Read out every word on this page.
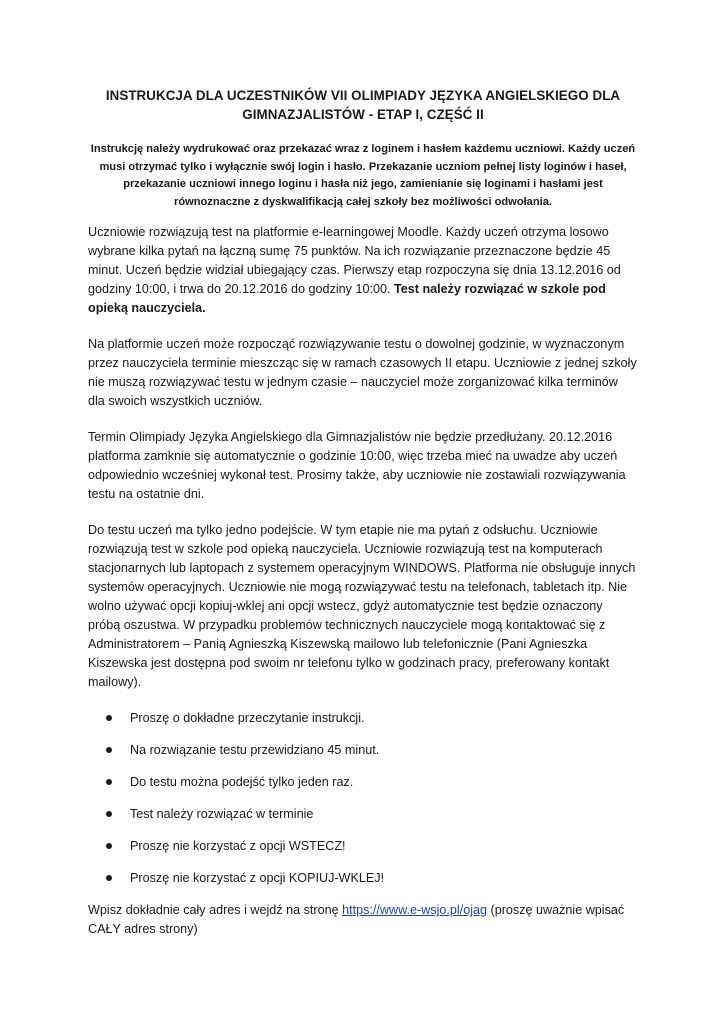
INSTRUKCJA DLA UCZESTNIKÓW VII OLIMPIADY JĘZYKA ANGIELSKIEGO DLA
GIMNAZJALISTÓW - ETAP I, CZĘŚĆ II

Instrukcję należy wydrukować oraz przekazać wraz z loginem i hasłem każdemu uczniowi. Każdy uczeń musi otrzymać tylko i wyłącznie swój login i hasło. Przekazanie uczniom pełnej listy loginów i haseł, przekazanie uczniowi innego loginu i hasła niż jego, zamienianie się loginami i hasłami jest równoznaczne z dyskwalifikacją całej szkoły bez możliwości odwołania.

Uczniowie rozwiązują test na platformie e-learningowej Moodle. Każdy uczeń otrzyma losowo wybrane kilka pytań na łączną sumę 75 punktów. Na ich rozwiązanie przeznaczone będzie 45 minut. Uczeń będzie widział ubiegający czas. Pierwszy etap rozpoczyna się dnia 13.12.2016 od godziny 10:00, i trwa do 20.12.2016 do godziny 10:00. Test należy rozwiązać w szkole pod opieką nauczyciela.

Na platformie uczeń może rozpocząć rozwiązywanie testu o dowolnej godzinie, w wyznaczonym przez nauczyciela terminie mieszcząc się w ramach czasowych II etapu. Uczniowie z jednej szkoły nie muszą rozwiązywać testu w jednym czasie – nauczyciel może zorganizować kilka terminów dla swoich wszystkich uczniów.

Termin Olimpiady Języka Angielskiego dla Gimnazjalistów nie będzie przedłużany. 20.12.2016 platforma zamknie się automatycznie o godzinie 10:00, więc trzeba mieć na uwadze aby uczeń odpowiednio wcześniej wykonał test. Prosimy także, aby uczniowie nie zostawiali rozwiązywania testu na ostatnie dni.

Do testu uczeń ma tylko jedno podejście. W tym etapie nie ma pytań z odsłuchu. Uczniowie rozwiązują test w szkole pod opieką nauczyciela. Uczniowie rozwiązują test na komputerach stacjonarnych lub laptopach z systemem operacyjnym WINDOWS. Platforma nie obsługuje innych systemów operacyjnych. Uczniowie nie mogą rozwiązywać testu na telefonach, tabletach itp. Nie wolno używać opcji kopiuj-wklej ani opcji wstecz, gdyż automatycznie test będzie oznaczony próbą oszustwa. W przypadku problemów technicznych nauczyciele mogą kontaktować się z Administratorem – Panią Agnieszką Kiszewską mailowo lub telefonicznie (Pani Agnieszka Kiszewska jest dostępna pod swoim nr telefonu tylko w godzinach pracy, preferowany kontakt mailowy).

Proszę o dokładne przeczytanie instrukcji.
Na rozwiązanie testu przewidziano 45 minut.
Do testu można podejść tylko jeden raz.
Test należy rozwiązać w terminie
Proszę nie korzystać z opcji WSTECZ!
Proszę nie korzystać z opcji KOPIUJ-WKLEJ!

Wpisz dokładnie cały adres i wejdź na stronę https://www.e-wsjo.pl/ojag (proszę uważnie wpisać CAŁY adres strony)
